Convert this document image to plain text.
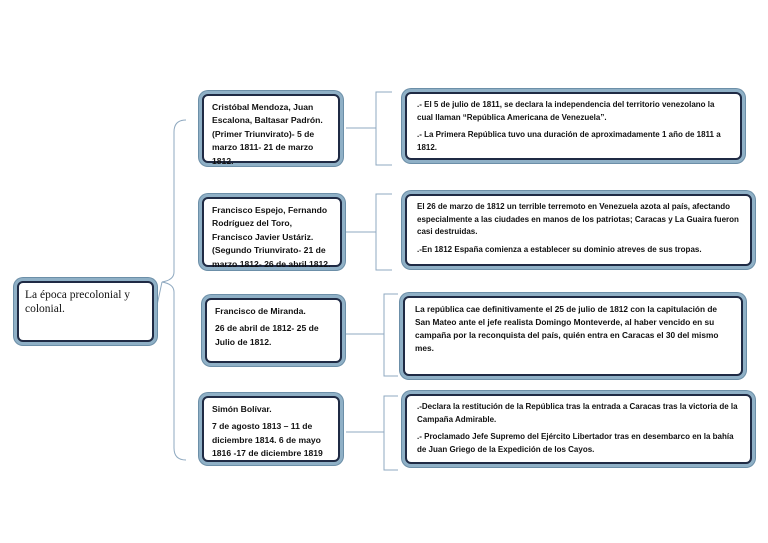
La época precolonial y colonial.

Cristóbal Mendoza, Juan Escalona, Baltasar Padrón. (Primer Triunvirato)- 5 de marzo 1811- 21 de marzo 1812.

.- El 5 de julio de 1811, se declara la independencia del territorio venezolano la cual llaman “República Americana de Venezuela”.

.- La Primera República tuvo una duración de aproximadamente 1 año de 1811 a 1812.

Francisco Espejo, Fernando Rodríguez del Toro, Francisco Javier Ustáriz. (Segundo Triunvirato- 21 de marzo 1812- 26 de abril 1812.

El 26 de marzo de 1812 un terrible terremoto en Venezuela azota al país, afectando especialmente a las ciudades en manos de los patriotas; Caracas y La Guaira fueron casi destruidas.

.-En 1812 España comienza a establecer su dominio atreves de sus tropas.

Francisco de Miranda.

26 de abril de 1812- 25 de Julio de 1812.

La república cae definitivamente el 25 de julio de 1812 con la capitulación de San Mateo ante el jefe realista Domingo Monteverde, al haber vencido en su campaña por la reconquista del país, quién entra en Caracas el 30 del mismo mes.

Simón Bolívar.

7 de agosto 1813 – 11 de diciembre 1814. 6 de mayo 1816 -17 de diciembre 1819

.-Declara la restitución de la República tras la entrada a Caracas tras la victoria de la Campaña Admirable.

.- Proclamado Jefe Supremo del Ejército Libertador tras en desembarco en la bahía de Juan Griego de la Expedición de los Cayos.
